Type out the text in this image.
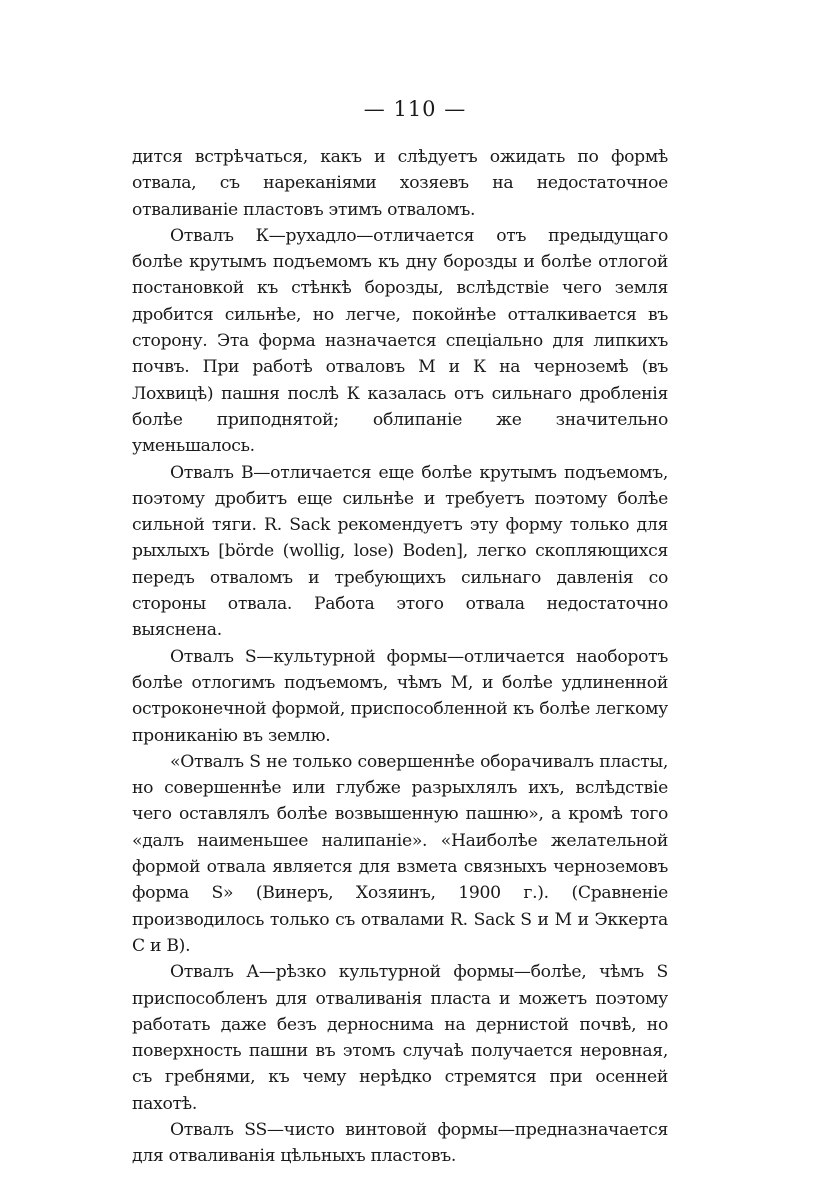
— 110 —

дится встрѣчаться, какъ и слѣдуетъ ожидать по формѣ отвала, съ нареканіями хозяевъ на недостаточное отваливаніе пластовъ этимъ отваломъ.

Отвалъ К—рухадло—отличается отъ предыдущаго болѣе крутымъ подъемомъ къ дну борозды и болѣе отлогой постановкой къ стѣнкѣ борозды, вслѣдствіе чего земля дробится сильнѣе, но легче, покойнѣе отталкивается въ сторону. Эта форма назначается спеціально для липкихъ почвъ. При работѣ отваловъ М и К на черноземѣ (въ Лохвицѣ) пашня послѣ К казалась отъ сильнаго дробленія болѣе приподнятой; облипаніе же значительно уменьшалось.

Отвалъ В—отличается еще болѣе крутымъ подъемомъ, поэтому дробитъ еще сильнѣе и требуетъ поэтому болѣе сильной тяги. R. Sack рекомендуетъ эту форму только для рыхлыхъ [börde (wollig, lose) Boden], легко скопляющихся передъ отваломъ и требующихъ сильнаго давленія со стороны отвала. Работа этого отвала недостаточно выяснена.

Отвалъ S—культурной формы—отличается наоборотъ болѣе отлогимъ подъемомъ, чѣмъ М, и болѣе удлиненной остроконечной формой, приспособленной къ болѣе легкому прониканію въ землю.

«Отвалъ S не только совершеннѣе оборачивалъ пласты, но совершеннѣе или глубже разрыхлялъ ихъ, вслѣдствіе чего оставлялъ болѣе возвышенную пашню», а кромѣ того «далъ наименьшее налипаніе». «Наиболѣе желательной формой отвала является для взмета связныхъ черноземовъ форма S» (Винеръ, Хозяинъ, 1900 г.). (Сравненіе производилось только съ отвалами R. Sack S и М и Эккерта С и В).

Отвалъ А—рѣзко культурной формы—болѣе, чѣмъ S приспособленъ для отваливанія пласта и можетъ поэтому работать даже безъ дерноснима на дернистой почвѣ, но поверхность пашни въ этомъ случаѣ получается неровная, съ гребнями, къ чему нерѣдко стремятся при осенней пахотѣ.

Отвалъ SS—чисто винтовой формы—предназначается для отваливанія цѣльныхъ пластовъ.
